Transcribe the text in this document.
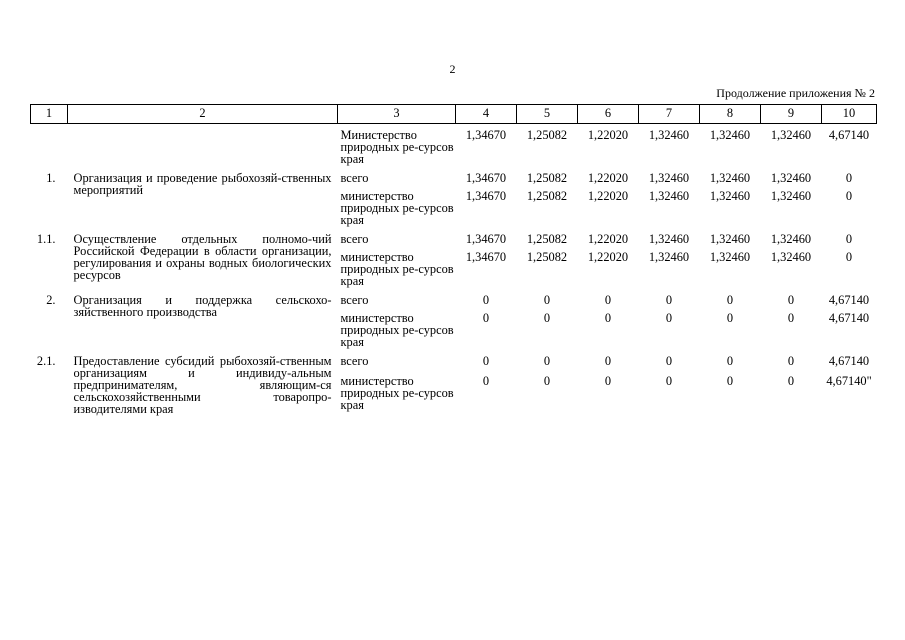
2
Продолжение приложения № 2
1	2	3	4	5	6	7	8	9	10
		Министерство природных ре-сурсов края	1,34670	1,25082	1,22020	1,32460	1,32460	1,32460	4,67140
1.	Организация и проведение рыбохозяй-ственных мероприятий	всего	1,34670	1,25082	1,22020	1,32460	1,32460	1,32460	0
		министерство природных ре-сурсов края	1,34670	1,25082	1,22020	1,32460	1,32460	1,32460	0
1.1.	Осуществление отдельных полномо-чий Российской Федерации в области организации, регулирования и охраны водных биологических ресурсов	всего	1,34670	1,25082	1,22020	1,32460	1,32460	1,32460	0
		министерство природных ре-сурсов края	1,34670	1,25082	1,22020	1,32460	1,32460	1,32460	0
2.	Организация и поддержка сельскохо-зяйственного производства	всего	0	0	0	0	0	0	4,67140
		министерство природных ре-сурсов края	0	0	0	0	0	0	4,67140
2.1.	Предоставление субсидий рыбохозяй-ственным организациям и индивиду-альным предпринимателям, являющим-ся сельскохозяйственными товаропро-изводителями края	всего	0	0	0	0	0	0	4,67140
		министерство природных ре-сурсов края	0	0	0	0	0	0	4,67140"
